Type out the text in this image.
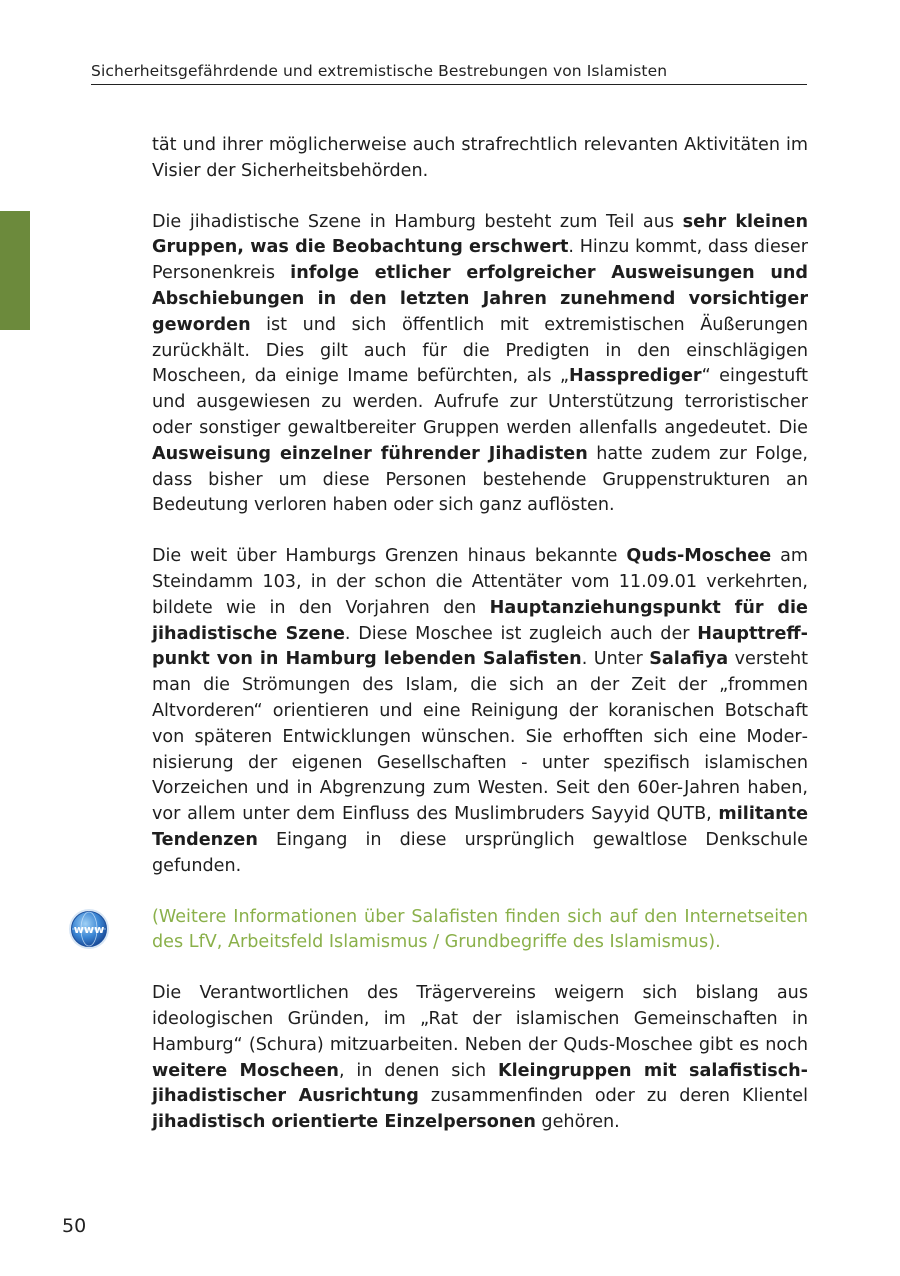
Sicherheitsgefährdende und extremistische Bestrebungen von Islamisten

tät und ihrer möglicherweise auch strafrechtlich relevanten Aktivitäten im Visier der Sicherheitsbehörden.

Die jihadistische Szene in Hamburg besteht zum Teil aus sehr kleinen Gruppen, was die Beobachtung erschwert. Hinzu kommt, dass dieser Personenkreis infolge etlicher erfolgreicher Ausweisungen und Abschiebungen in den letzten Jahren zunehmend vorsichtiger geworden ist und sich öffentlich mit extremistischen Äußerungen zurückhält. Dies gilt auch für die Predigten in den einschlägigen Moscheen, da einige Imame befürchten, als „Hassprediger“ eingestuft und ausgewiesen zu werden. Aufrufe zur Unterstützung terroristischer oder sonstiger gewaltbereiter Gruppen werden allenfalls angedeutet. Die Ausweisung einzelner führender Jihadisten hatte zudem zur Folge, dass bisher um diese Personen bestehende Gruppenstrukturen an Bedeutung verloren haben oder sich ganz auflösten.

Die weit über Hamburgs Grenzen hinaus bekannte Quds-Moschee am Steindamm 103, in der schon die Attentäter vom 11.09.01 verkehrten, bildete wie in den Vorjahren den Hauptanziehungspunkt für die jihadistische Szene. Diese Moschee ist zugleich auch der Haupttreffpunkt von in Hamburg lebenden Salafisten. Unter Salafiya versteht man die Strömungen des Islam, die sich an der Zeit der „frommen Altvorderen“ orientieren und eine Reinigung der koranischen Botschaft von späteren Entwicklungen wünschen. Sie erhofften sich eine Modernisierung der eigenen Gesellschaften - unter spezifisch islamischen Vorzeichen und in Abgrenzung zum Westen. Seit den 60er-Jahren haben, vor allem unter dem Einfluss des Muslimbruders Sayyid QUTB, militante Tendenzen Eingang in diese ursprünglich gewaltlose Denkschule gefunden.

(Weitere Informationen über Salafisten finden sich auf den Internetseiten des LfV, Arbeitsfeld Islamismus / Grundbegriffe des Islamismus).

Die Verantwortlichen des Trägervereins weigern sich bislang aus ideologischen Gründen, im „Rat der islamischen Gemeinschaften in Hamburg“ (Schura) mitzuarbeiten. Neben der Quds-Moschee gibt es noch weitere Moscheen, in denen sich Kleingruppen mit salafistisch-jihadistischer Ausrichtung zusammenfinden oder zu deren Klientel jihadistisch orientierte Einzelpersonen gehören.

www
50
